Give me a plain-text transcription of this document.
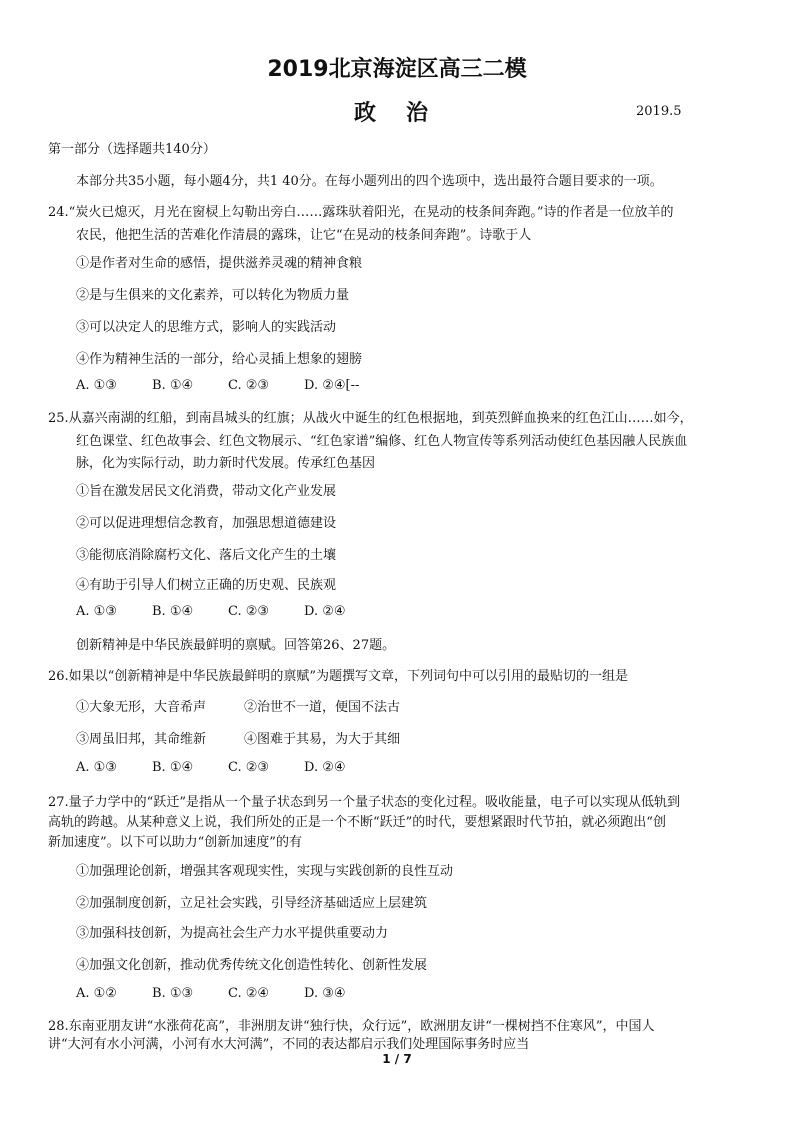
2019北京海淀区高三二模
政治	2019.5
第一部分（选择题共140分）
本部分共35小题，每小题4分，共1 40分。在每小题列出的四个选项中，选出最符合题目要求的一项。
24.“炭火已熄灭，月光在窗棂上勾勒出旁白……露珠驮着阳光，在晃动的枝条间奔跑。”诗的作者是一位放羊的
农民，他把生活的苦难化作清晨的露珠，让它“在晃动的枝条间奔跑”。诗歌于人
①是作者对生命的感悟，提供滋养灵魂的精神食粮
②是与生俱来的文化素养，可以转化为物质力量
③可以决定人的思维方式，影响人的实践活动
④作为精神生活的一部分，给心灵插上想象的翅膀
A. ①③	B. ①④	C. ②③	D. ②④[--
25.从嘉兴南湖的红船，到南昌城头的红旗；从战火中诞生的红色根据地，到英烈鲜血换来的红色江山……如今，
红色课堂、红色故事会、红色文物展示、“红色家谱”编修、红色人物宣传等系列活动使红色基因融人民族血
脉，化为实际行动，助力新时代发展。传承红色基因
①旨在激发居民文化消费，带动文化产业发展
②可以促进理想信念教育，加强思想道德建设
③能彻底消除腐朽文化、落后文化产生的土壤
④有助于引导人们树立正确的历史观、民族观
A. ①③	B. ①④	C. ②③	D. ②④
创新精神是中华民族最鲜明的禀赋。回答第26、27题。
26.如果以“创新精神是中华民族最鲜明的禀赋”为题撰写文章，下列词句中可以引用的最贴切的一组是
①大象无形，大音希声	②治世不一道，便国不法古
③周虽旧邦，其命维新	④图难于其易，为大于其细
A. ①③	B. ①④	C. ②③	D. ②④
27.量子力学中的“跃迁”是指从一个量子状态到另一个量子状态的变化过程。吸收能量，电子可以实现从低轨到
高轨的跨越。从某种意义上说，我们所处的正是一个不断“跃迁”的时代，要想紧跟时代节拍，就必须跑出“创
新加速度”。以下可以助力“创新加速度”的有
①加强理论创新，增强其客观现实性，实现与实践创新的良性互动
②加强制度创新，立足社会实践，引导经济基础适应上层建筑
③加强科技创新，为提高社会生产力水平提供重要动力
④加强文化创新，推动优秀传统文化创造性转化、创新性发展
A. ①②	B. ①③	C. ②④	D. ③④
28.东南亚朋友讲“水涨荷花高”，非洲朋友讲“独行快，众行远”，欧洲朋友讲“一棵树挡不住寒风”，中国人
讲“大河有水小河满，小河有水大河满”，不同的表达都启示我们处理国际事务时应当
1 / 7
